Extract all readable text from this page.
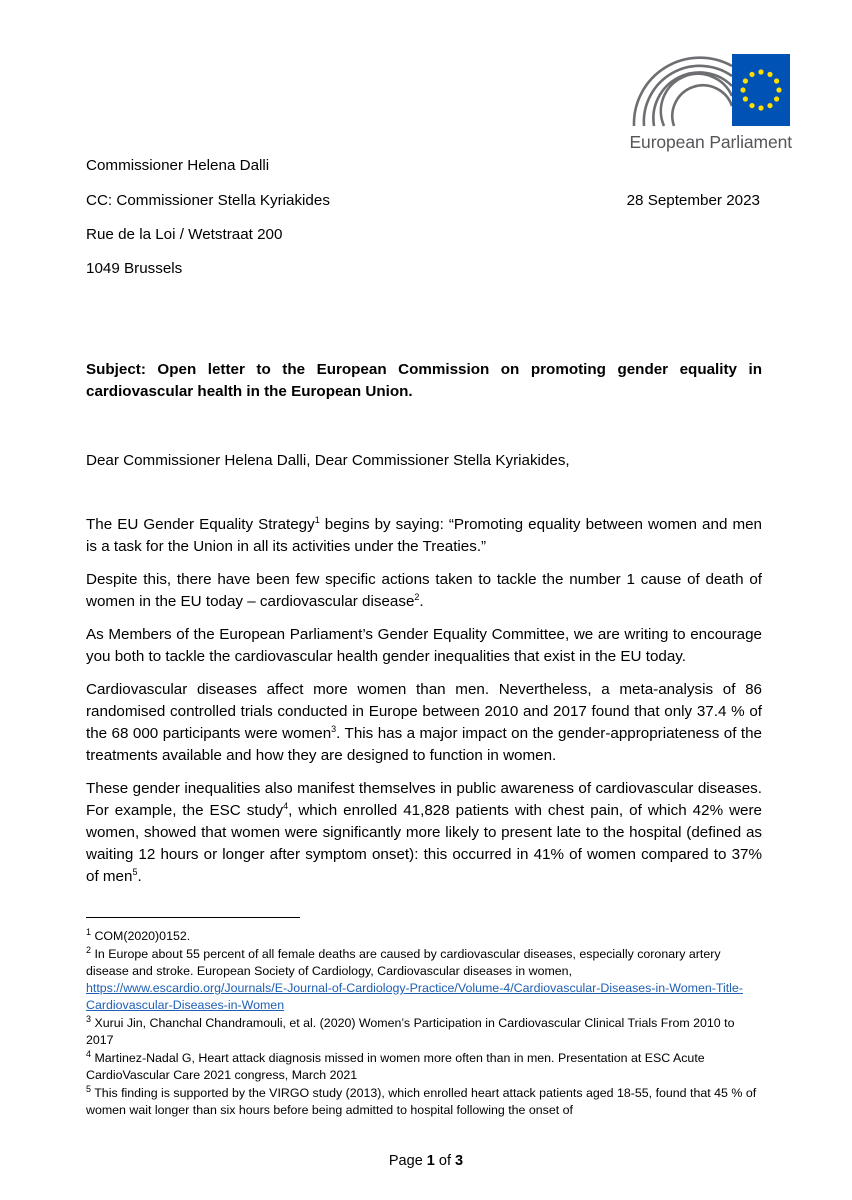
European Parliament
Commissioner Helena Dalli
CC: Commissioner Stella Kyriakides	28 September 2023
Rue de la Loi / Wetstraat 200
1049 Brussels
Subject: Open letter to the European Commission on promoting gender equality in cardiovascular health in the European Union.
Dear Commissioner Helena Dalli, Dear Commissioner Stella Kyriakides,

The EU Gender Equality Strategy$^1$ begins by saying: “Promoting equality between women and men is a task for the Union in all its activities under the Treaties.”

Despite this, there have been few specific actions taken to tackle the number 1 cause of death of women in the EU today – cardiovascular disease$^2$.

As Members of the European Parliament’s Gender Equality Committee, we are writing to encourage you both to tackle the cardiovascular health gender inequalities that exist in the EU today.

Cardiovascular diseases affect more women than men. Nevertheless, a meta-analysis of 86 randomised controlled trials conducted in Europe between 2010 and 2017 found that only 37.4 % of the 68 000 participants were women$^3$. This has a major impact on the gender-appropriateness of the treatments available and how they are designed to function in women.

These gender inequalities also manifest themselves in public awareness of cardiovascular diseases. For example, the ESC study$^4$, which enrolled 41,828 patients with chest pain, of which 42% were women, showed that women were significantly more likely to present late to the hospital (defined as waiting 12 hours or longer after symptom onset): this occurred in 41% of women compared to 37% of men$^5$.

$^1$ COM(2020)0152.
$^2$ In Europe about 55 percent of all female deaths are caused by cardiovascular diseases, especially coronary artery disease and stroke. European Society of Cardiology, Cardiovascular diseases in women, https://www.escardio.org/Journals/E-Journal-of-Cardiology-Practice/Volume-4/Cardiovascular-Diseases-in-Women-Title-Cardiovascular-Diseases-in-Women
$^3$ Xurui Jin, Chanchal Chandramouli, et al. (2020) Women’s Participation in Cardiovascular Clinical Trials From 2010 to 2017
$^4$ Martinez-Nadal G, Heart attack diagnosis missed in women more often than in men. Presentation at ESC Acute CardioVascular Care 2021 congress, March 2021
$^5$ This finding is supported by the VIRGO study (2013), which enrolled heart attack patients aged 18-55, found that 45 % of women wait longer than six hours before being admitted to hospital following the onset of
Page 1 of 3
